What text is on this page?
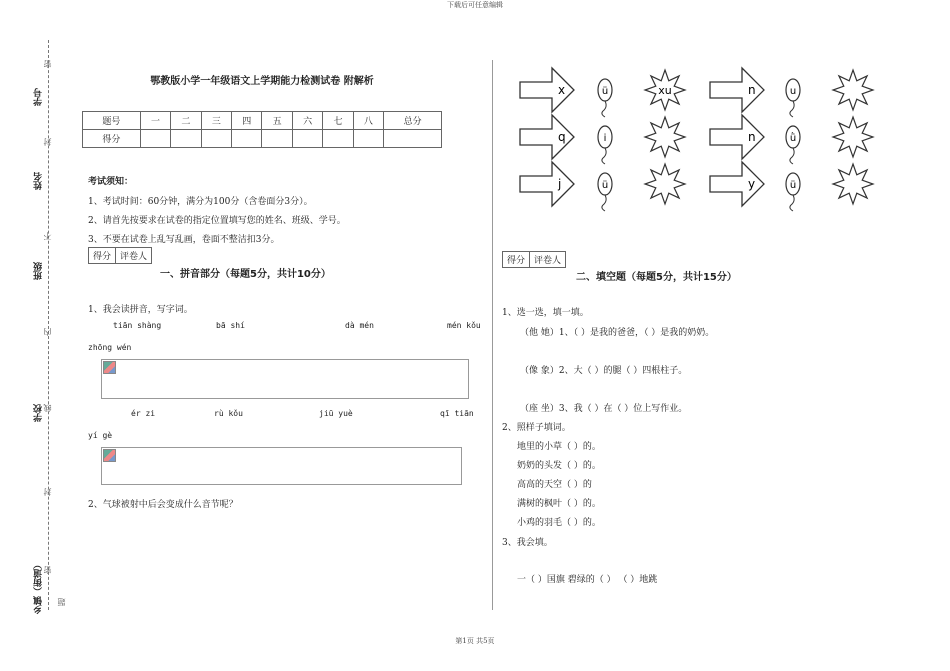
下载后可任意编辑
学号
姓名
班级
学校
乡镇（街道）
密
封
不
内
线
封
密
题
鄂教版小学一年级语文上学期能力检测试卷 附解析
题号	一	二	三	四	五	六	七	八	总分
得分									
考试须知：
1、考试时间：60分钟，满分为100分（含卷面分3分）。
2、请首先按要求在试卷的指定位置填写您的姓名、班级、学号。
3、不要在试卷上乱写乱画，卷面不整洁扣3分。
得分	评卷人
一、拼音部分（每题5分，共计10分）
1、我会读拼音，写字词。
tiān shàng	bā shí	dà mén	mén kǒu
zhōng wén
ér zi	rù kǒu	jiū yuè	qī tiān
yí gè
2、气球被射中后会变成什么音节呢？
x	ü	xu	n	u
q	i	n	ǜ
j	ü	y	ü
得分	评卷人
二、填空题（每题5分，共计15分）
1、选一选，填一填。
（他 她）1、（ ）是我的爸爸，（ ）是我的奶奶。
（像 象）2、大（ ）的腿（ ）四根柱子。
（座 坐）3、我（ ）在（ ）位上写作业。
2、照样子填词。
地里的小草（ ）的。
奶奶的头发（ ）的。
高高的天空（ ）的
满树的枫叶（ ）的。
小鸡的羽毛（ ）的。
3、我会填。
一（ ）国旗 碧绿的（ ） （ ）地跳
第1页 共5页
